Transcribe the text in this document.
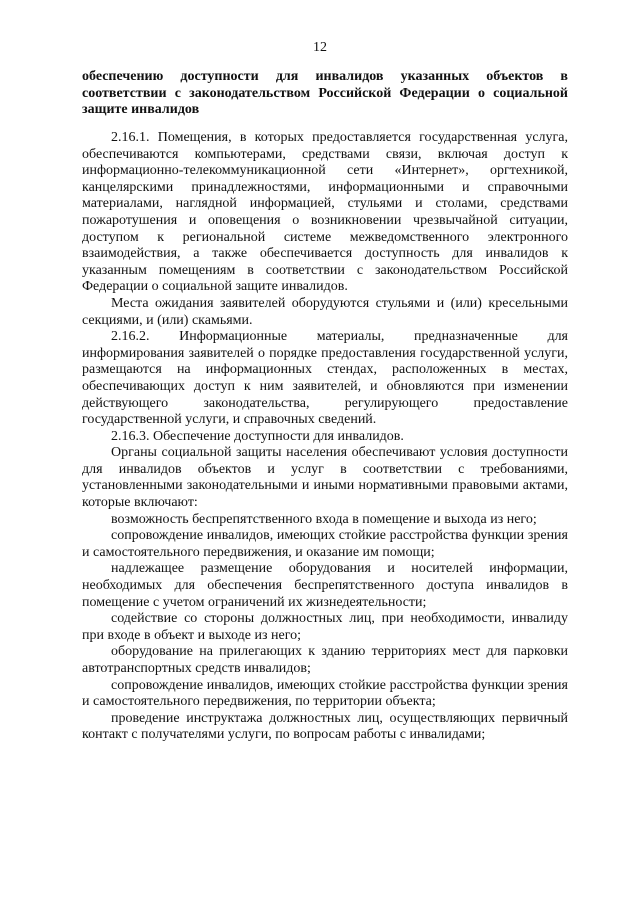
12
обеспечению доступности для инвалидов указанных объектов в соответствии с законодательством Российской Федерации о социальной защите инвалидов

2.16.1. Помещения, в которых предоставляется государственная услуга, обеспечиваются компьютерами, средствами связи, включая доступ к информационно-телекоммуникационной сети «Интернет», оргтехникой, канцелярскими принадлежностями, информационными и справочными материалами, наглядной информацией, стульями и столами, средствами пожаротушения и оповещения о возникновении чрезвычайной ситуации, доступом к региональной системе межведомственного электронного взаимодействия, а также обеспечивается доступность для инвалидов к указанным помещениям в соответствии с законодательством Российской Федерации о социальной защите инвалидов.

Места ожидания заявителей оборудуются стульями и (или) кресельными секциями, и (или) скамьями.

2.16.2. Информационные материалы, предназначенные для информирования заявителей о порядке предоставления государственной услуги, размещаются на информационных стендах, расположенных в местах, обеспечивающих доступ к ним заявителей, и обновляются при изменении действующего законодательства, регулирующего предоставление государственной услуги, и справочных сведений.

2.16.3. Обеспечение доступности для инвалидов.

Органы социальной защиты населения обеспечивают условия доступности для инвалидов объектов и услуг в соответствии с требованиями, установленными законодательными и иными нормативными правовыми актами, которые включают:

возможность беспрепятственного входа в помещение и выхода из него;

сопровождение инвалидов, имеющих стойкие расстройства функции зрения и самостоятельного передвижения, и оказание им помощи;

надлежащее размещение оборудования и носителей информации, необходимых для обеспечения беспрепятственного доступа инвалидов в помещение с учетом ограничений их жизнедеятельности;

содействие со стороны должностных лиц, при необходимости, инвалиду при входе в объект и выходе из него;

оборудование на прилегающих к зданию территориях мест для парковки автотранспортных средств инвалидов;

сопровождение инвалидов, имеющих стойкие расстройства функции зрения и самостоятельного передвижения, по территории объекта;

проведение инструктажа должностных лиц, осуществляющих первичный контакт с получателями услуги, по вопросам работы с инвалидами;
